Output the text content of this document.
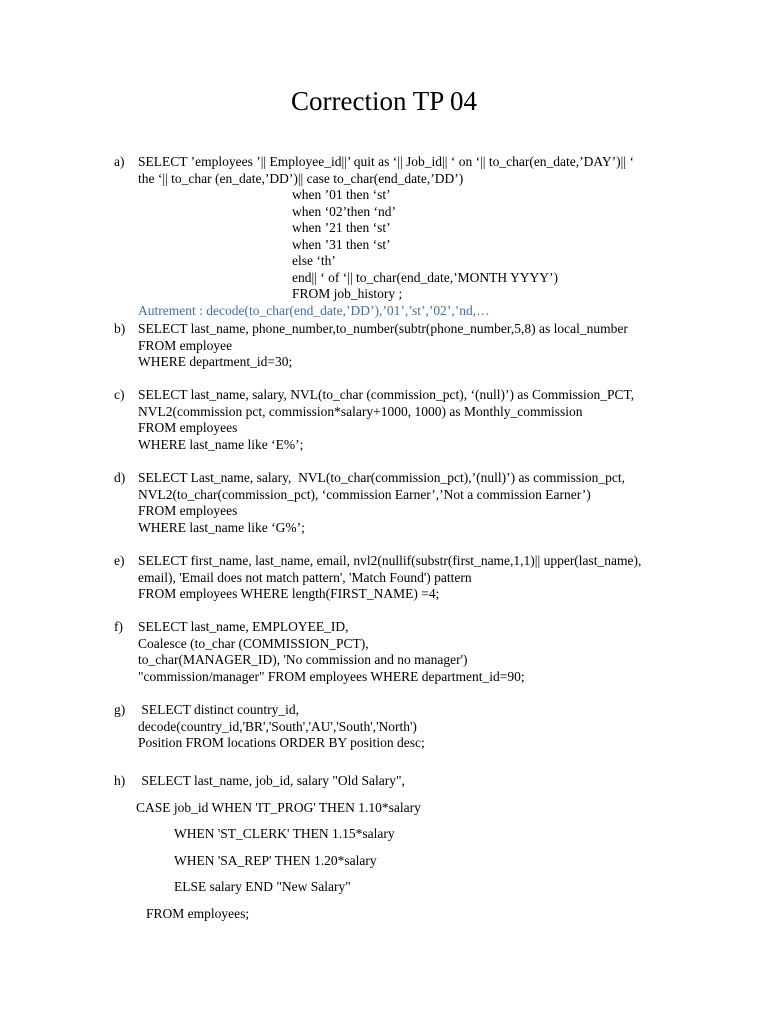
Correction TP 04
a)	SELECT ’employees ’|| Employee_id||’ quit as ‘|| Job_id|| ‘ on ‘|| to_char(en_date,’DAY’)|| ‘
the ‘|| to_char (en_date,’DD’)|| case to_char(end_date,’DD’)
when ’01 then ‘st’
when ‘02’then ‘nd’
when ’21 then ‘st’
when ’31 then ‘st’
else ‘th’
end|| ‘ of ‘|| to_char(end_date,’MONTH YYYY’)
FROM job_history ;
Autrement : decode(to_char(end_date,’DD’),’01’,’st’,’02’,’nd,…
b) SELECT last_name, phone_number,to_number(subtr(phone_number,5,8) as local_number
FROM employee
WHERE department_id=30;
c)	SELECT last_name, salary, NVL(to_char (commission_pct), ‘(null)’) as Commission_PCT,
NVL2(commission pct, commission*salary+1000, 1000) as Monthly_commission
FROM employees
WHERE last_name like ‘E%’;
d) SELECT Last_name, salary,  NVL(to_char(commission_pct),’(null)’) as commission_pct,
NVL2(to_char(commission_pct), ‘commission Earner’,’Not a commission Earner’)
FROM employees
WHERE last_name like ‘G%’;
e)	SELECT first_name, last_name, email, nvl2(nullif(substr(first_name,1,1)|| upper(last_name),
email), 'Email does not match pattern', 'Match Found') pattern
FROM employees WHERE length(FIRST_NAME) =4;
f)	SELECT last_name, EMPLOYEE_ID,
Coalesce (to_char (COMMISSION_PCT),
to_char(MANAGER_ID), 'No commission and no manager')
"commission/manager" FROM employees WHERE department_id=90;
g) SELECT distinct country_id,
decode(country_id,'BR','South','AU','South','North')
Position FROM locations ORDER BY position desc;
h) SELECT last_name, job_id, salary "Old Salary",
CASE job_id WHEN 'IT_PROG' THEN 1.10*salary
WHEN 'ST_CLERK' THEN 1.15*salary
WHEN 'SA_REP' THEN 1.20*salary
ELSE salary END "New Salary"
FROM employees;
